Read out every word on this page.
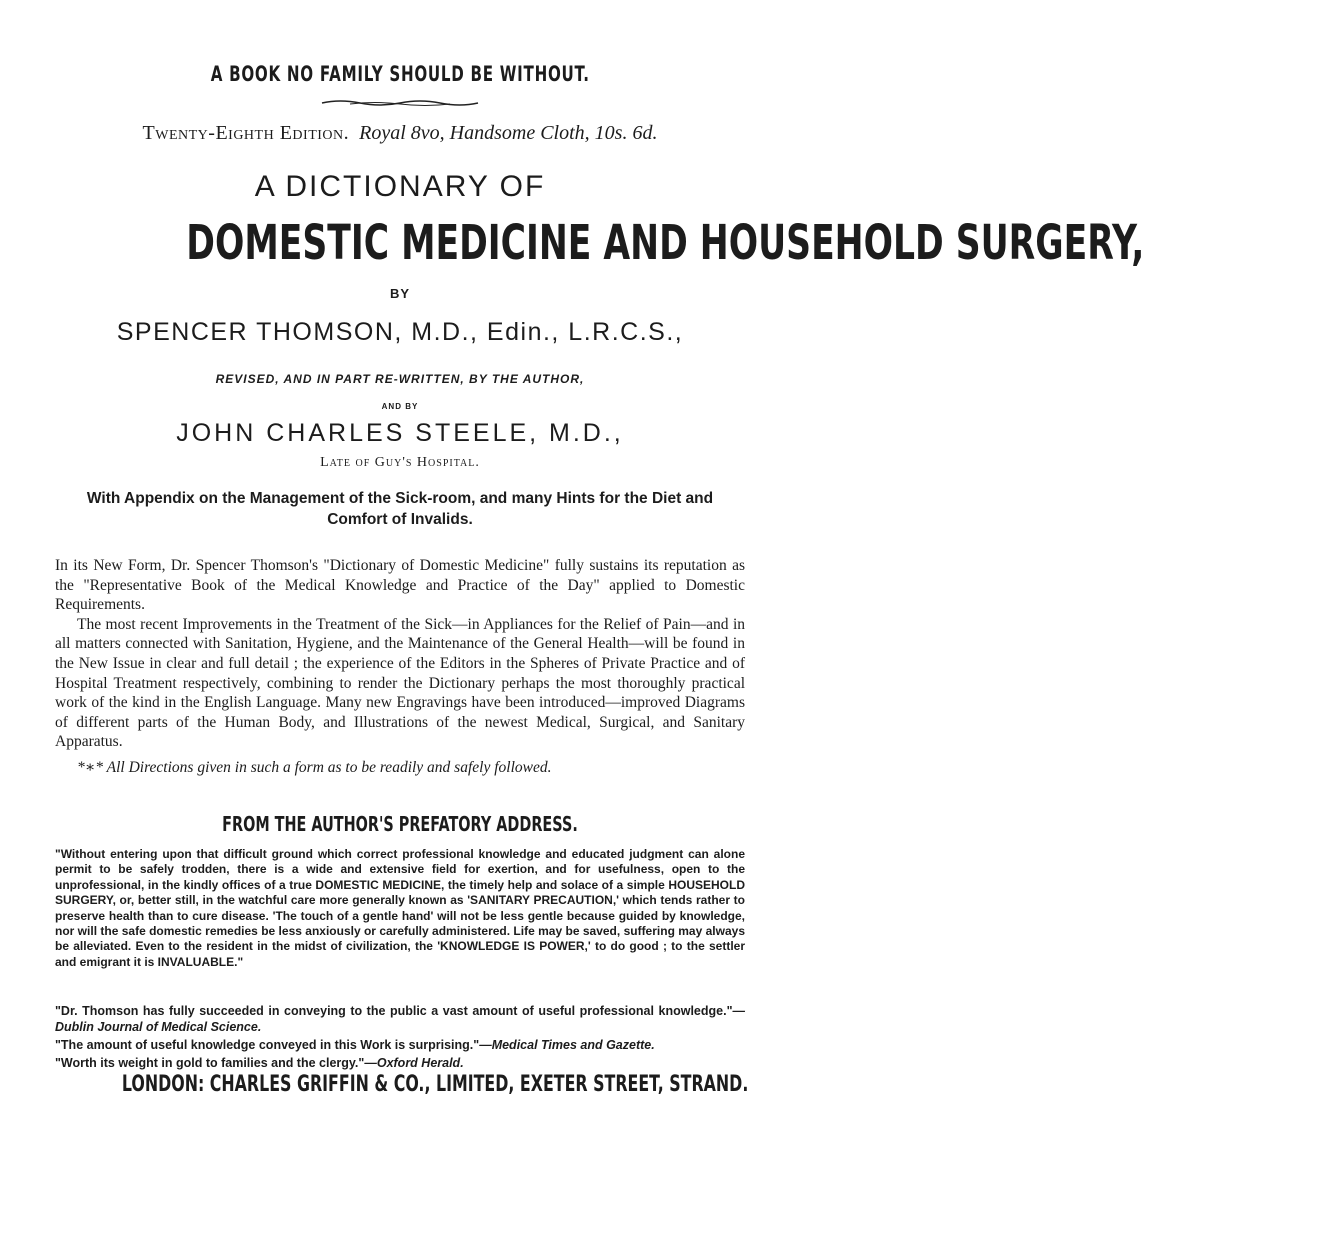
A BOOK NO FAMILY SHOULD BE WITHOUT.
Twenty-Eighth Edition. Royal 8vo, Handsome Cloth, 10s. 6d.
A DICTIONARY OF
DOMESTIC MEDICINE AND HOUSEHOLD SURGERY,
BY
SPENCER THOMSON, M.D., Edin., L.R.C.S.,
REVISED, AND IN PART RE-WRITTEN, BY THE AUTHOR,
AND BY
JOHN CHARLES STEELE, M.D.,
Late of Guy's Hospital.
With Appendix on the Management of the Sick-room, and many Hints for the Diet and Comfort of Invalids.

In its New Form, Dr. Spencer Thomson's "Dictionary of Domestic Medicine" fully sustains its reputation as the "Representative Book of the Medical Knowledge and Practice of the Day" applied to Domestic Requirements.

The most recent Improvements in the Treatment of the Sick—in Appliances for the Relief of Pain—and in all matters connected with Sanitation, Hygiene, and the Maintenance of the General Health—will be found in the New Issue in clear and full detail ; the experience of the Editors in the Spheres of Private Practice and of Hospital Treatment respectively, combining to render the Dictionary perhaps the most thoroughly practical work of the kind in the English Language. Many new Engravings have been introduced—improved Diagrams of different parts of the Human Body, and Illustrations of the newest Medical, Surgical, and Sanitary Apparatus.

*∗* All Directions given in such a form as to be readily and safely followed.

FROM THE AUTHOR'S PREFATORY ADDRESS.
"Without entering upon that difficult ground which correct professional knowledge and educated judgment can alone permit to be safely trodden, there is a wide and extensive field for exertion, and for usefulness, open to the unprofessional, in the kindly offices of a true DOMESTIC MEDICINE, the timely help and solace of a simple HOUSEHOLD SURGERY, or, better still, in the watchful care more generally known as 'SANITARY PRECAUTION,' which tends rather to preserve health than to cure disease. 'The touch of a gentle hand' will not be less gentle because guided by knowledge, nor will the safe domestic remedies be less anxiously or carefully administered. Life may be saved, suffering may always be alleviated. Even to the resident in the midst of civilization, the 'KNOWLEDGE IS POWER,' to do good ; to the settler and emigrant it is INVALUABLE."

"Dr. Thomson has fully succeeded in conveying to the public a vast amount of useful professional knowledge."—Dublin Journal of Medical Science.

"The amount of useful knowledge conveyed in this Work is surprising."—Medical Times and Gazette.

"Worth its weight in gold to families and the clergy."—Oxford Herald.

LONDON: CHARLES GRIFFIN & CO., LIMITED, EXETER STREET, STRAND.
